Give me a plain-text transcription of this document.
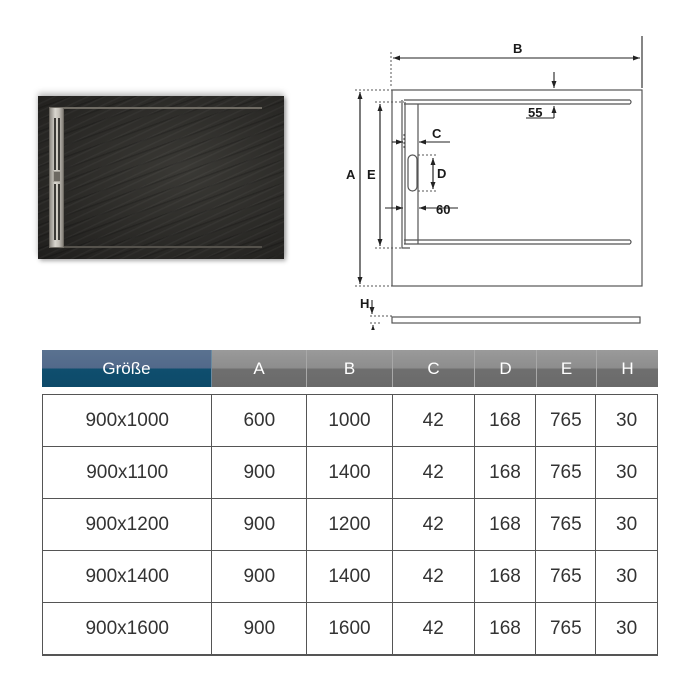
B
A E
C
D
55
60
H
Größe	A	B	C	D	E	H
900x1000	600	1000	42	168	765	30
900x1100	900	1400	42	168	765	30
900x1200	900	1200	42	168	765	30
900x1400	900	1400	42	168	765	30
900x1600	900	1600	42	168	765	30
